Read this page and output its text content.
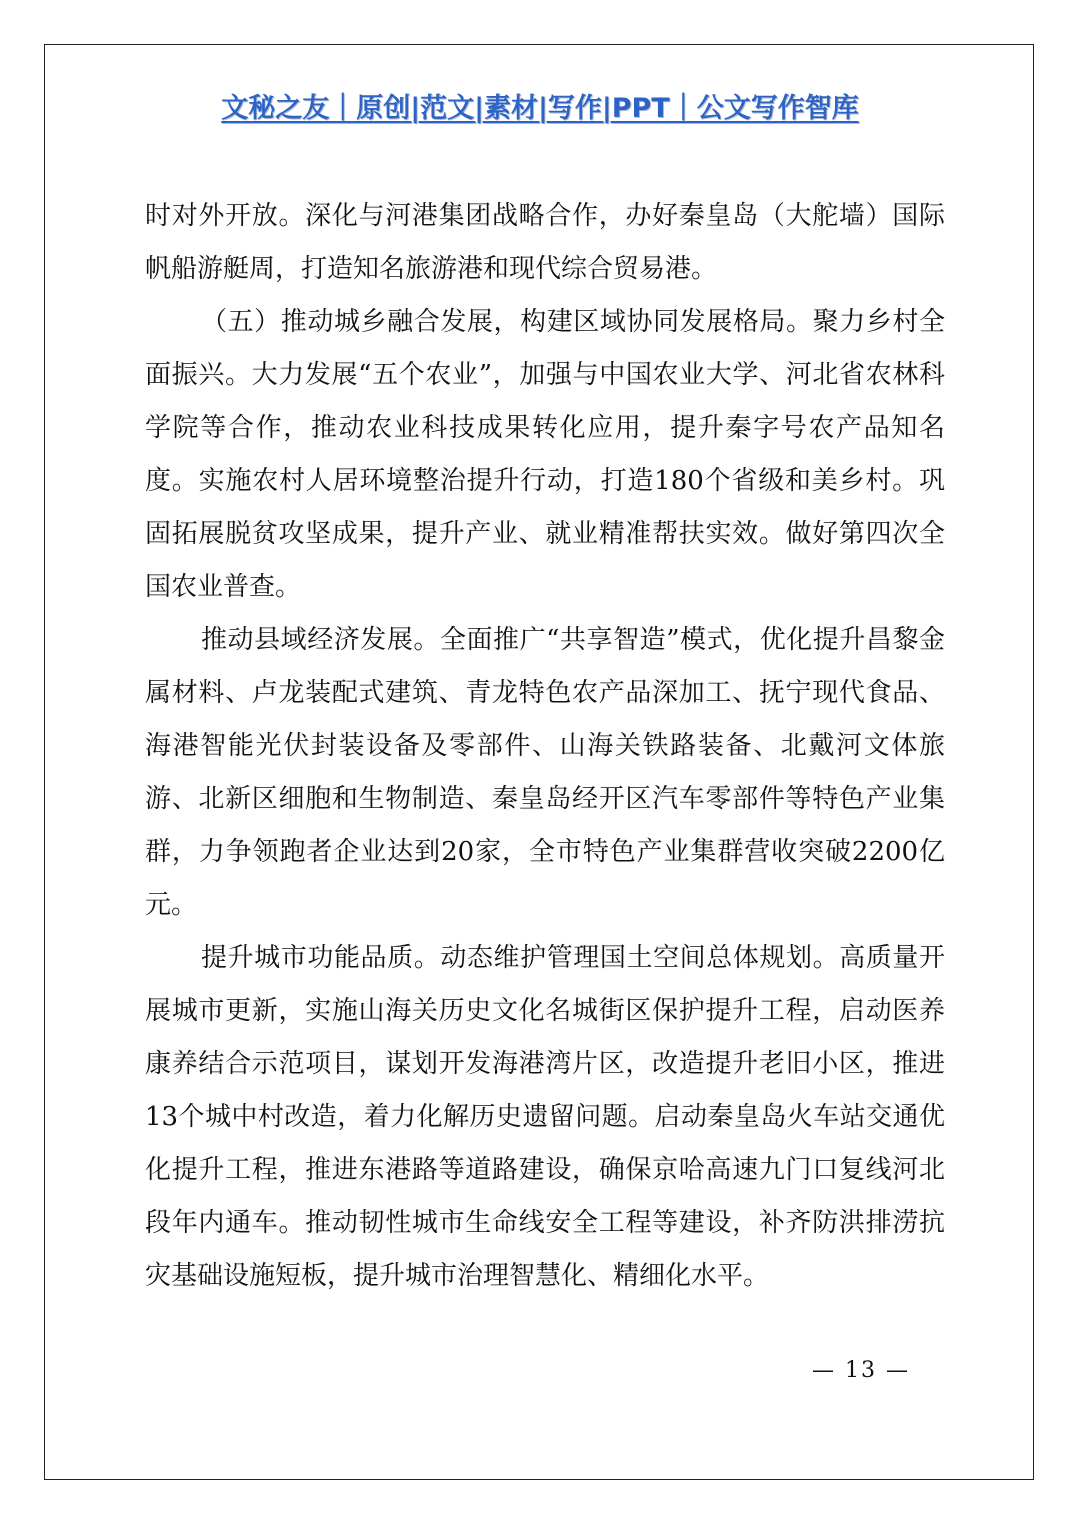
文秘之友｜原创|范文|素材|写作|PPT｜公文写作智库

时对外开放。深化与河港集团战略合作，办好秦皇岛（大舵墙）国际帆船游艇周，打造知名旅游港和现代综合贸易港。

（五）推动城乡融合发展，构建区域协同发展格局。聚力乡村全面振兴。大力发展“五个农业”，加强与中国农业大学、河北省农林科学院等合作，推动农业科技成果转化应用，提升秦字号农产品知名度。实施农村人居环境整治提升行动，打造180个省级和美乡村。巩固拓展脱贫攻坚成果，提升产业、就业精准帮扶实效。做好第四次全国农业普查。

推动县域经济发展。全面推广“共享智造”模式，优化提升昌黎金属材料、卢龙装配式建筑、青龙特色农产品深加工、抚宁现代食品、海港智能光伏封装设备及零部件、山海关铁路装备、北戴河文体旅游、北新区细胞和生物制造、秦皇岛经开区汽车零部件等特色产业集群，力争领跑者企业达到20家，全市特色产业集群营收突破2200亿元。

提升城市功能品质。动态维护管理国土空间总体规划。高质量开展城市更新，实施山海关历史文化名城街区保护提升工程，启动医养康养结合示范项目，谋划开发海港湾片区，改造提升老旧小区，推进13个城中村改造，着力化解历史遗留问题。启动秦皇岛火车站交通优化提升工程，推进东港路等道路建设，确保京哈高速九门口复线河北段年内通车。推动韧性城市生命线安全工程等建设，补齐防洪排涝抗灾基础设施短板，提升城市治理智慧化、精细化水平。

— 13 —
